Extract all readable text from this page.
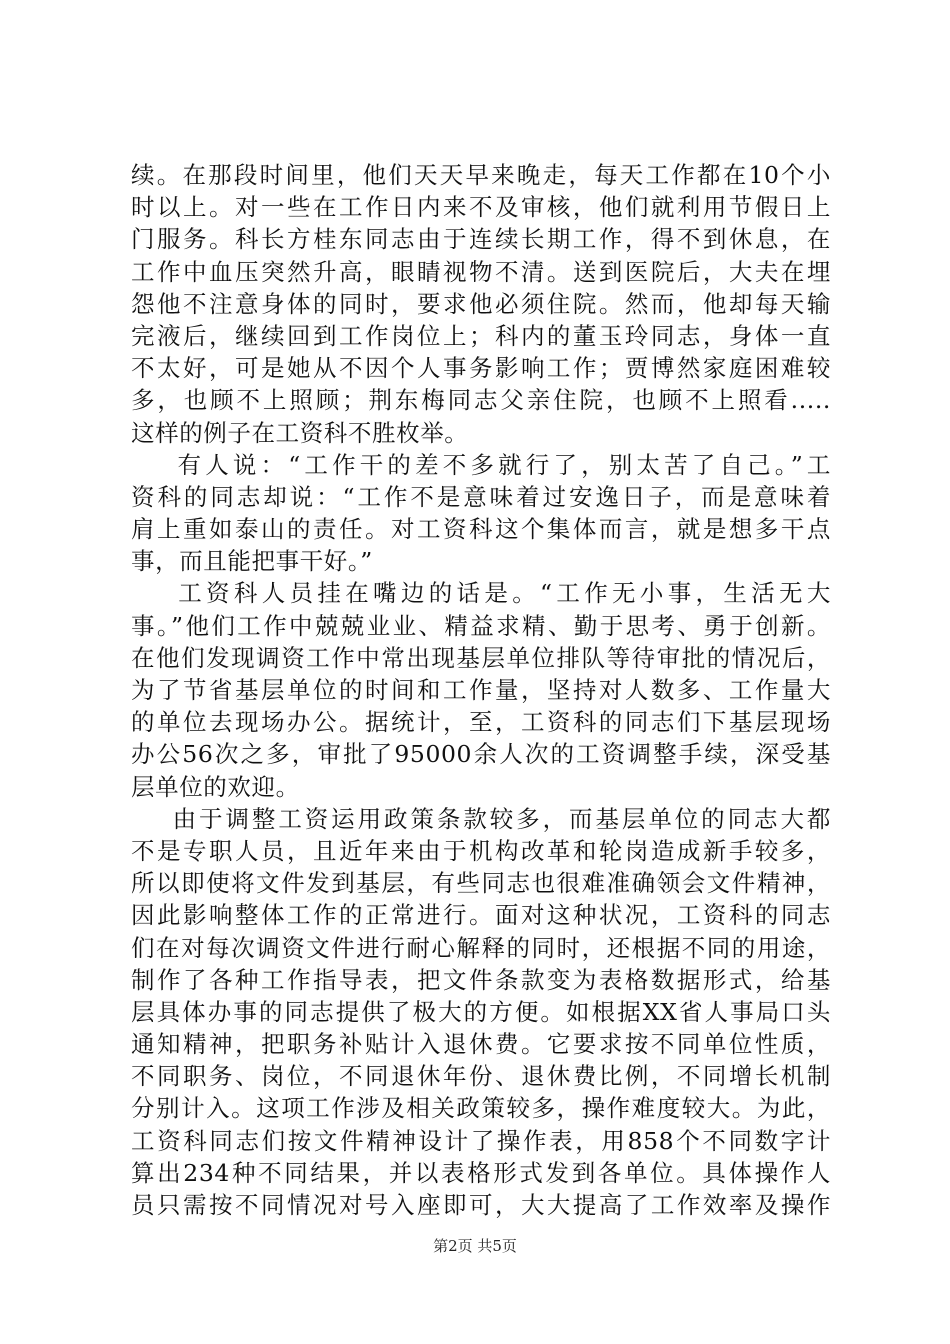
续。在那段时间里，他们天天早来晚走，每天工作都在10个小
时以上。对一些在工作日内来不及审核，他们就利用节假日上
门服务。科长方桂东同志由于连续长期工作，得不到休息，在
工作中血压突然升高，眼睛视物不清。送到医院后，大夫在埋
怨他不注意身体的同时，要求他必须住院。然而，他却每天输
完液后，继续回到工作岗位上；科内的董玉玲同志，身体一直
不太好，可是她从不因个人事务影响工作；贾博然家庭困难较
多，也顾不上照顾；荆东梅同志父亲住院，也顾不上照看.....
这样的例子在工资科不胜枚举。
有人说：“工作干的差不多就行了，别太苦了自己。”工
资科的同志却说：“工作不是意味着过安逸日子，而是意味着
肩上重如泰山的责任。对工资科这个集体而言，就是想多干点
事，而且能把事干好。”
工资科人员挂在嘴边的话是。“工作无小事，生活无大
事。”他们工作中兢兢业业、精益求精、勤于思考、勇于创新。
在他们发现调资工作中常出现基层单位排队等待审批的情况后，
为了节省基层单位的时间和工作量，坚持对人数多、工作量大
的单位去现场办公。据统计，至，工资科的同志们下基层现场
办公56次之多，审批了95000余人次的工资调整手续，深受基
层单位的欢迎。
由于调整工资运用政策条款较多，而基层单位的同志大都
不是专职人员，且近年来由于机构改革和轮岗造成新手较多，
所以即使将文件发到基层，有些同志也很难准确领会文件精神，
因此影响整体工作的正常进行。面对这种状况，工资科的同志
们在对每次调资文件进行耐心解释的同时，还根据不同的用途，
制作了各种工作指导表，把文件条款变为表格数据形式，给基
层具体办事的同志提供了极大的方便。如根据XX省人事局口头
通知精神，把职务补贴计入退休费。它要求按不同单位性质，
不同职务、岗位，不同退休年份、退休费比例，不同增长机制
分别计入。这项工作涉及相关政策较多，操作难度较大。为此，
工资科同志们按文件精神设计了操作表，用858个不同数字计
算出234种不同结果，并以表格形式发到各单位。具体操作人
员只需按不同情况对号入座即可，大大提高了工作效率及操作
第2页 共5页
